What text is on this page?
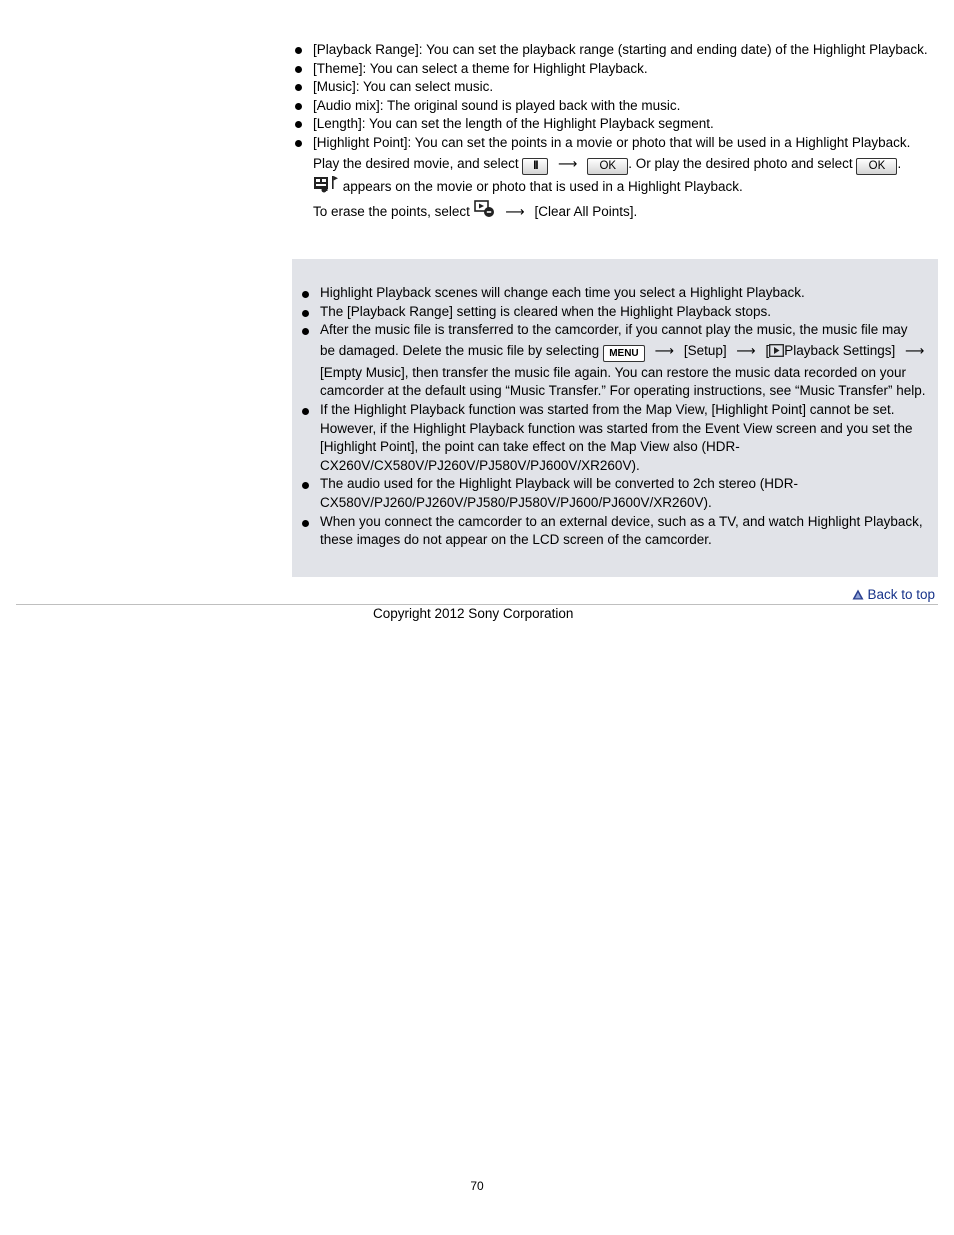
[Playback Range]: You can set the playback range (starting and ending date) of the Highlight Playback.
[Theme]: You can select a theme for Highlight Playback.
[Music]: You can select music.
[Audio mix]: The original sound is played back with the music.
[Length]: You can set the length of the Highlight Playback segment.
[Highlight Point]: You can set the points in a movie or photo that will be used in a Highlight Playback.
Play the desired movie, and select II ⟶ OK . Or play the desired photo and select OK .
appears on the movie or photo that is used in a Highlight Playback.
To erase the points, select	⟶ [Clear All Points].
Highlight Playback scenes will change each time you select a Highlight Playback.
The [Playback Range] setting is cleared when the Highlight Playback stops.
After the music file is transferred to the camcorder, if you cannot play the music, the music file may
be damaged. Delete the music file by selecting MENU ⟶ [Setup] ⟶ [ Playback Settings] ⟶
[Empty Music], then transfer the music file again. You can restore the music data recorded on your camcorder at the default using “Music Transfer.” For operating instructions, see “Music Transfer” help.
If the Highlight Playback function was started from the Map View, [Highlight Point] cannot be set. However, if the Highlight Playback function was started from the Event View screen and you set the [Highlight Point], the point can take effect on the Map View also (HDR-CX260V/CX580V/PJ260V/PJ580V/PJ600V/XR260V).
The audio used for the Highlight Playback will be converted to 2ch stereo (HDR-CX580V/PJ260/PJ260V/PJ580/PJ580V/PJ600/PJ600V/XR260V).
When you connect the camcorder to an external device, such as a TV, and watch Highlight Playback, these images do not appear on the LCD screen of the camcorder.
Back to top
Copyright 2012 Sony Corporation
70
